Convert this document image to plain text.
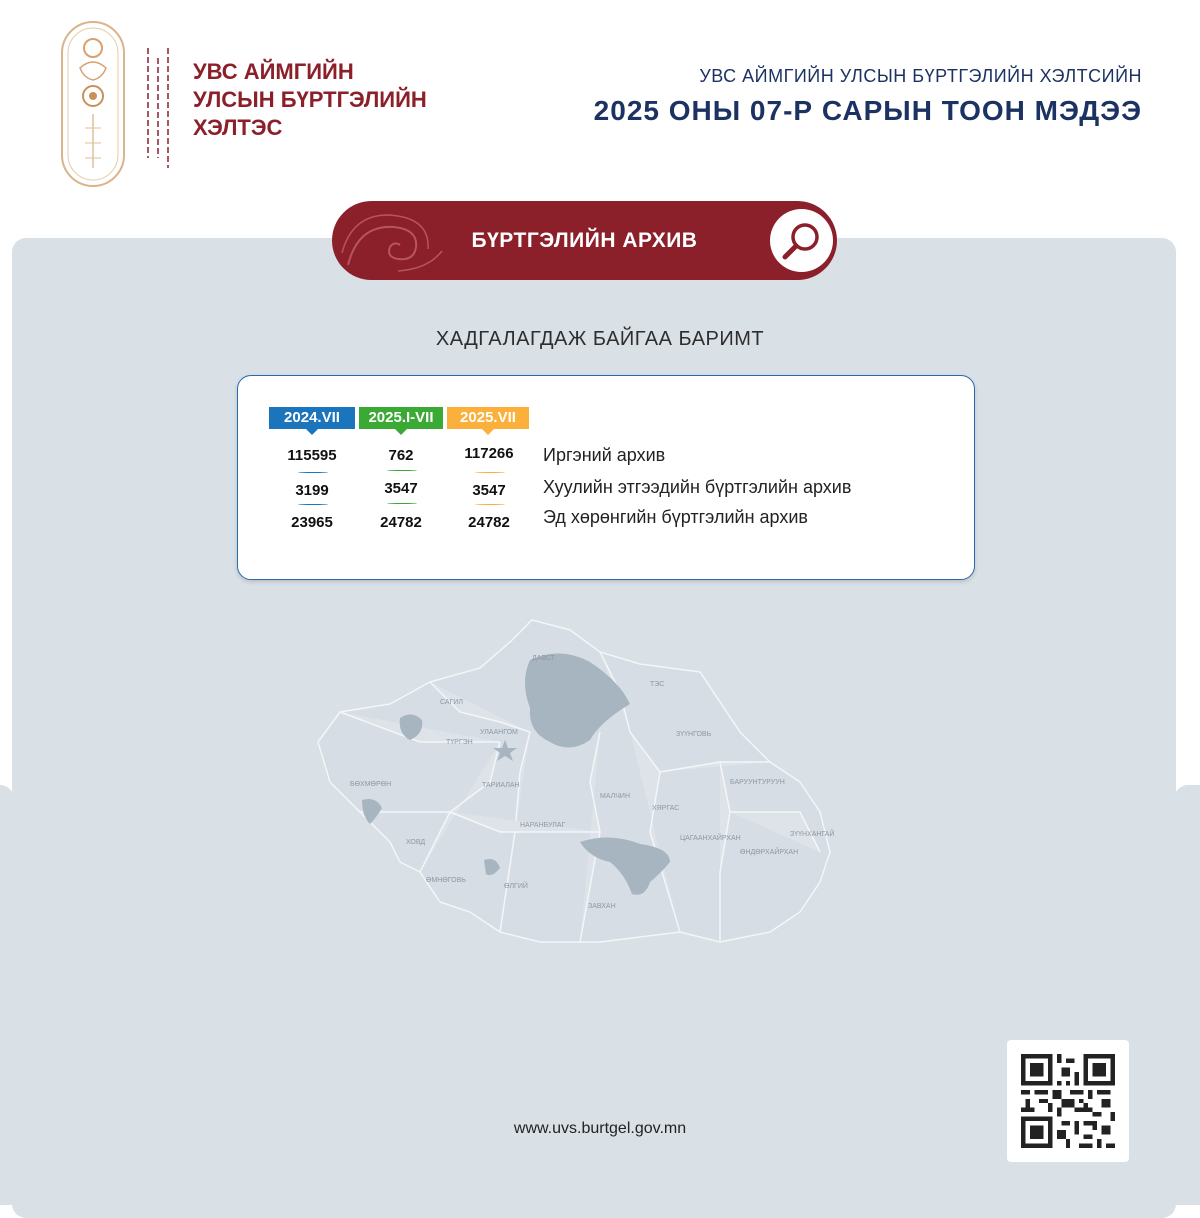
УВС АЙМГИЙН
УЛСЫН БҮРТГЭЛИЙН
ХЭЛТЭС
УВС АЙМГИЙН УЛСЫН БҮРТГЭЛИЙН ХЭЛТСИЙН
2025 ОНЫ 07-Р САРЫН ТООН МЭДЭЭ
БҮРТГЭЛИЙН АРХИВ
ХАДГАЛАГДАЖ БАЙГАА БАРИМТ
2024.VII	2025.I-VII	2025.VII
115595	762	117266	Иргэний архив
3199	3547	3547	Хуулийн этгээдийн бүртгэлийн архив
23965	24782	24782	Эд хөрөнгийн бүртгэлийн архив
ДАВСТ
ТЭС
САГИЛ
УЛААНГОМ
ТҮРГЭН
ЗҮҮНГОВЬ
БӨХМӨРӨН	ТАРИАЛАН
МАЛЧИН
ХЯРГАС
БАРУУНТУРУУН
НАРАНБУЛАГ
ЦАГААНХАЙРХАН
ЗҮҮНХАНГАЙ
ӨНДӨРХАЙРХАН
ХОВД
ӨМНӨГОВЬ
ӨЛГИЙ
ЗАВХАН
www.uvs.burtgel.gov.mn
